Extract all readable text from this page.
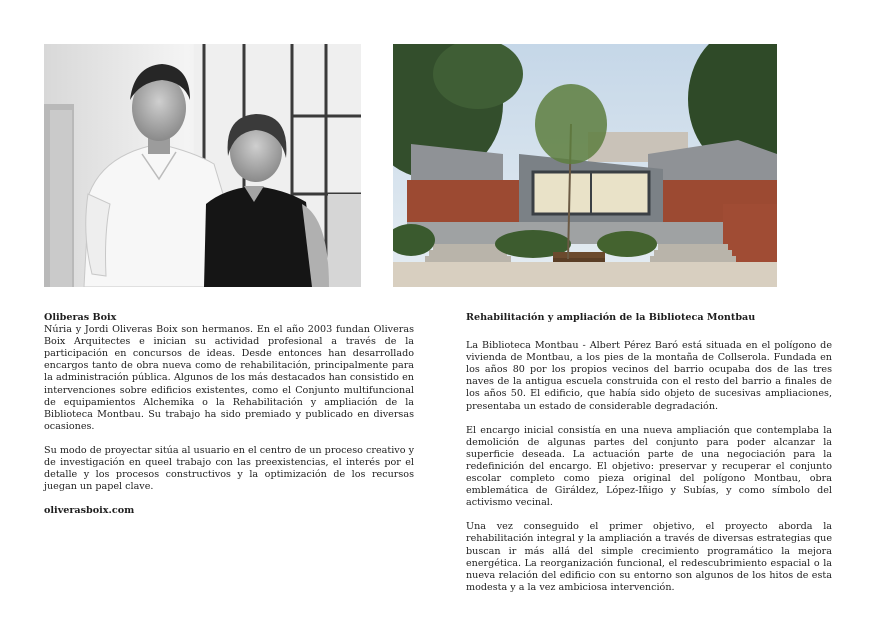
Oliberas Boix

Núria y Jordi Oliveras Boix son hermanos. En el año 2003 fundan Oliveras Boix Arquitectes e inician su actividad profesional a través de la participación en concursos de ideas. Desde entonces han desarrollado encargos tanto de obra nueva como de rehabilitación, principalmente para la administración pública. Algunos de los más destacados han consistido en intervenciones sobre edificios existentes, como el Conjunto multifuncional de equipamientos Alchemika o la Rehabilitación y ampliación de la Biblioteca Montbau. Su trabajo ha sido premiado y publicado en diversas ocasiones.

Su modo de proyectar sitúa al usuario en el centro de un proceso creativo y de investigación en queel trabajo con las preexistencias, el interés por el detalle y los procesos constructivos y la optimización de los recursos juegan un papel clave.

oliverasboix.com
Rehabilitación y ampliación de la Biblioteca Montbau

La Biblioteca Montbau - Albert Pérez Baró está situada en el polígono de vivienda de Montbau, a los pies de la montaña de Collserola. Fundada en los años 80 por los propios vecinos del barrio ocupaba dos de las tres naves de la antigua escuela construida con el resto del barrio a finales de los años 50. El edificio, que había sido objeto de sucesivas ampliaciones, presentaba un estado de considerable degradación.

El encargo inicial consistía en una nueva ampliación que contemplaba la demolición de algunas partes del conjunto para poder alcanzar la superficie deseada. La actuación parte de una negociación para la redefinición del encargo. El objetivo: preservar y recuperar el conjunto escolar completo como pieza original del polígono Montbau, obra emblemática de Giráldez, López-Iñigo y Subías, y como símbolo del activismo vecinal.

Una vez conseguido el primer objetivo, el proyecto aborda la rehabilitación integral y la ampliación a través de diversas estrategias que buscan ir más allá del simple crecimiento programático la mejora energética. La reorganización funcional, el redescubrimiento espacial o la nueva relación del edificio con su entorno son algunos de los hitos de esta modesta y a la vez ambiciosa intervención.
